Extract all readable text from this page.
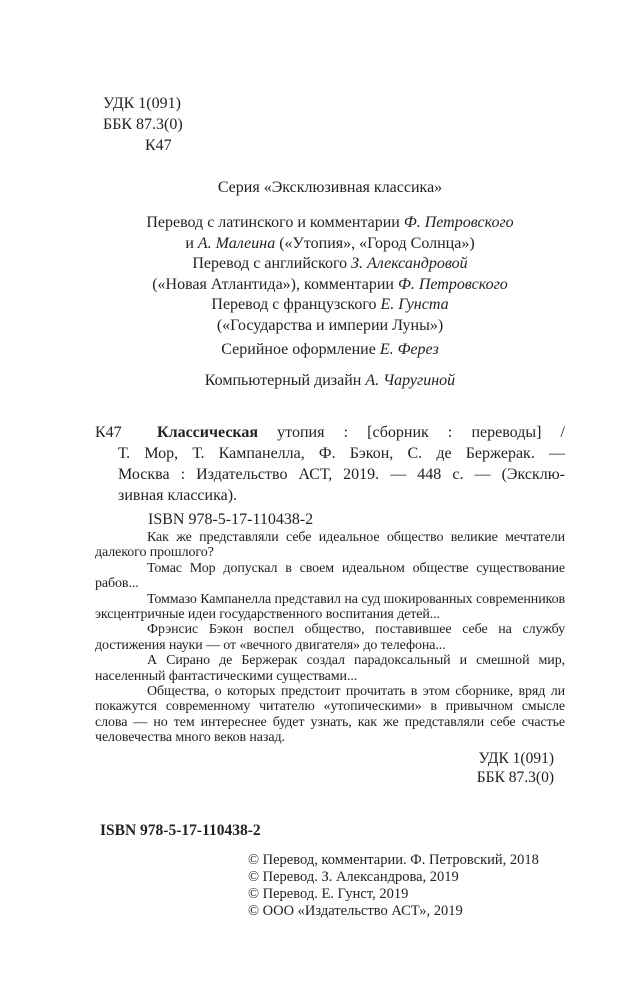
УДК 1(091)
ББК 87.3(0)
К47

Серия «Эксклюзивная классика»

Перевод с латинского и комментарии Ф. Петровского
и А. Малеина («Утопия», «Город Солнца»)

Перевод с английского З. Александровой
(«Новая Атлантида»), комментарии Ф. Петровского

Перевод с французского Е. Гунста
(«Государства и империи Луны»)

Серийное оформление Е. Ферез

Компьютерный дизайн А. Чаругиной

К47	Классическая утопия : [сборник : переводы] /
Т. Мор, Т. Кампанелла, Ф. Бэкон, С. де Бержерак. —
Москва : Издательство АСТ, 2019. — 448 с. — (Эксклю-

зивная классика).

ISBN 978-5-17-110438-2

Как же представляли себе идеальное общество великие мечтатели далекого прошлого?

Томас Мор допускал в своем идеальном обществе существование рабов...

Томмазо Кампанелла представил на суд шокированных современников эксцентричные идеи государственного воспитания детей...

Фрэнсис Бэкон воспел общество, поставившее себе на службу достижения науки — от «вечного двигателя» до телефона...

А Сирано де Бержерак создал парадоксальный и смешной мир, населенный фантастическими существами...

Общества, о которых предстоит прочитать в этом сборнике, вряд ли покажутся современному читателю «утопическими» в привычном смысле слова — но тем интереснее будет узнать, как же представляли себе счастье человечества много веков назад.

УДК 1(091)
ББК 87.3(0)
ISBN 978-5-17-110438-2
© Перевод, комментарии. Ф. Петровский, 2018
© Перевод. З. Александрова, 2019
© Перевод. Е. Гунст, 2019
© ООО «Издательство АСТ», 2019
